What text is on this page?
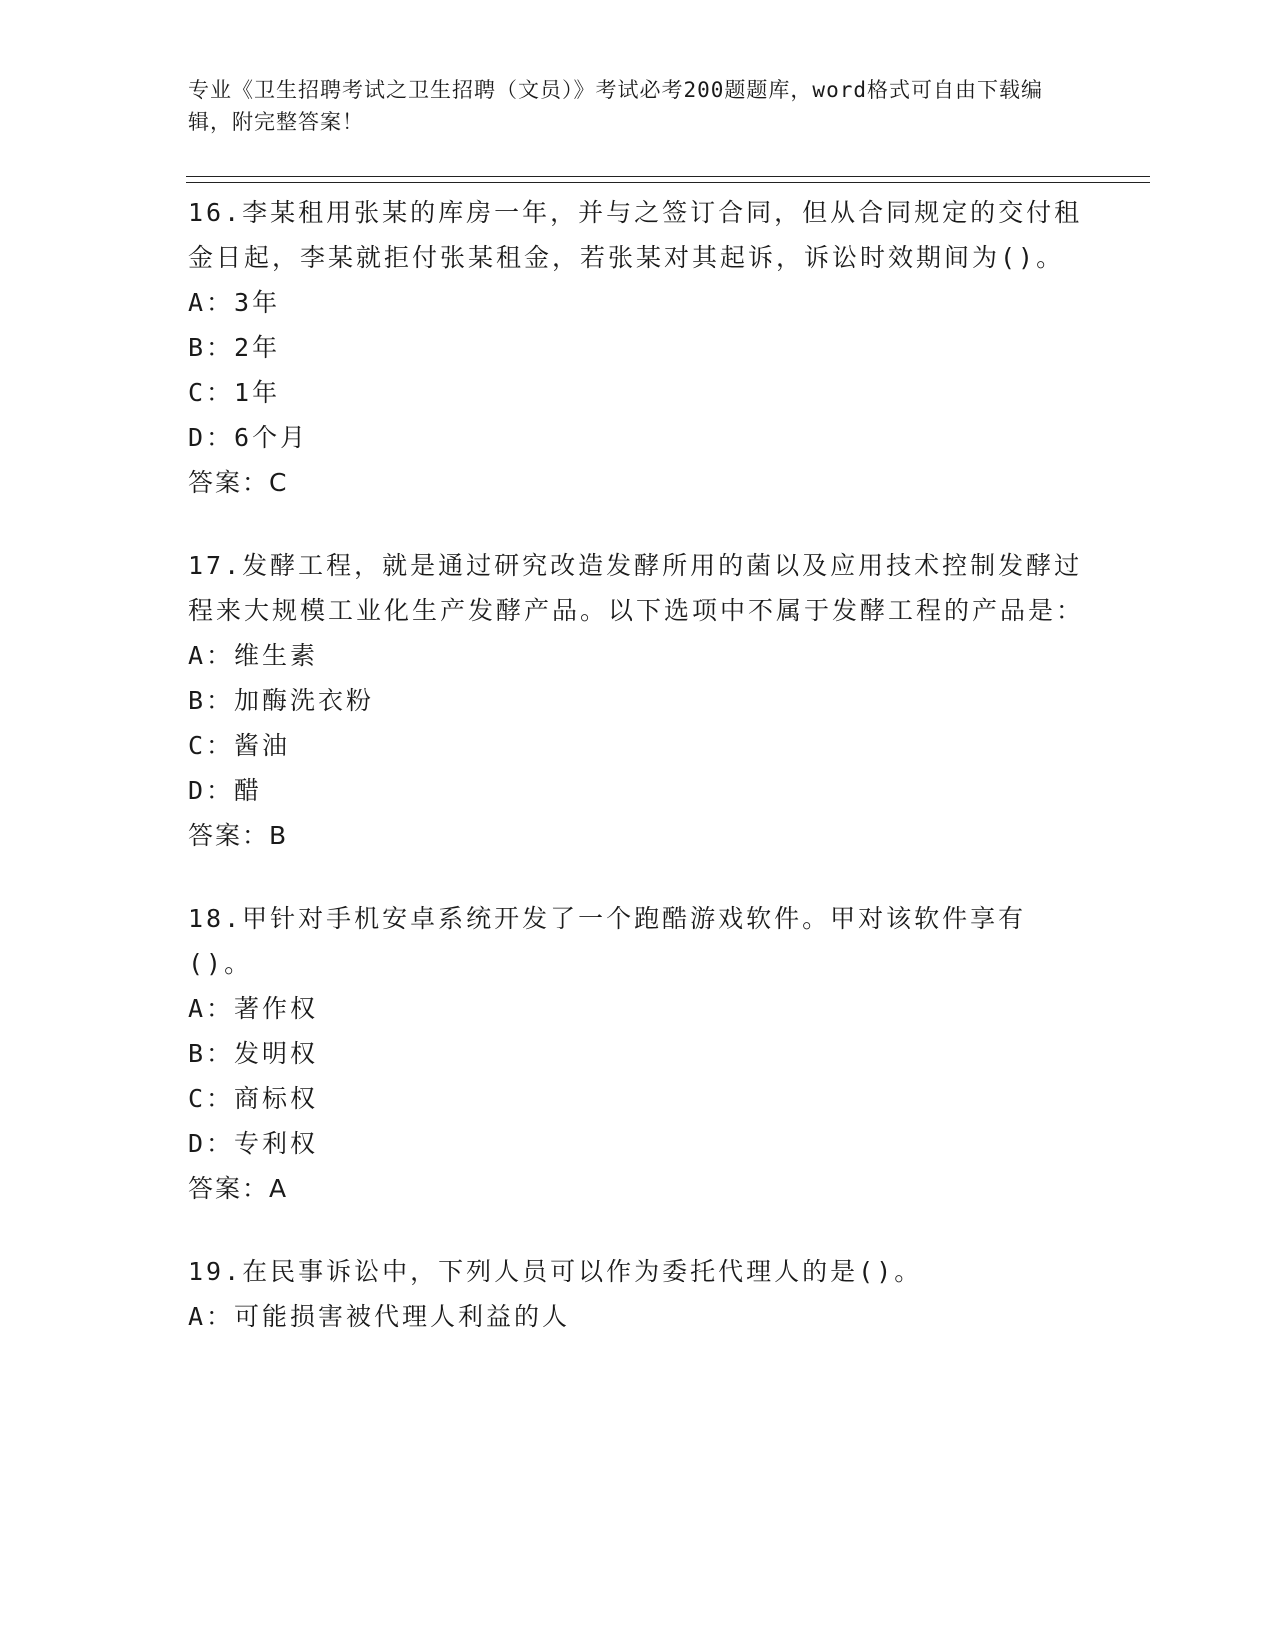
专业《卫生招聘考试之卫生招聘（文员）》考试必考200题题库，word格式可自由下载编辑，附完整答案！
16.李某租用张某的库房一年，并与之签订合同，但从合同规定的交付租金日起，李某就拒付张某租金，若张某对其起诉，诉讼时效期间为()。
A：3年
B：2年
C：1年
D：6个月
答案：C
17.发酵工程，就是通过研究改造发酵所用的菌以及应用技术控制发酵过程来大规模工业化生产发酵产品。以下选项中不属于发酵工程的产品是：
A：维生素
B：加酶洗衣粉
C：酱油
D：醋
答案：B
18.甲针对手机安卓系统开发了一个跑酷游戏软件。甲对该软件享有()。
A：著作权
B：发明权
C：商标权
D：专利权
答案：A
19.在民事诉讼中，下列人员可以作为委托代理人的是()。
A：可能损害被代理人利益的人
